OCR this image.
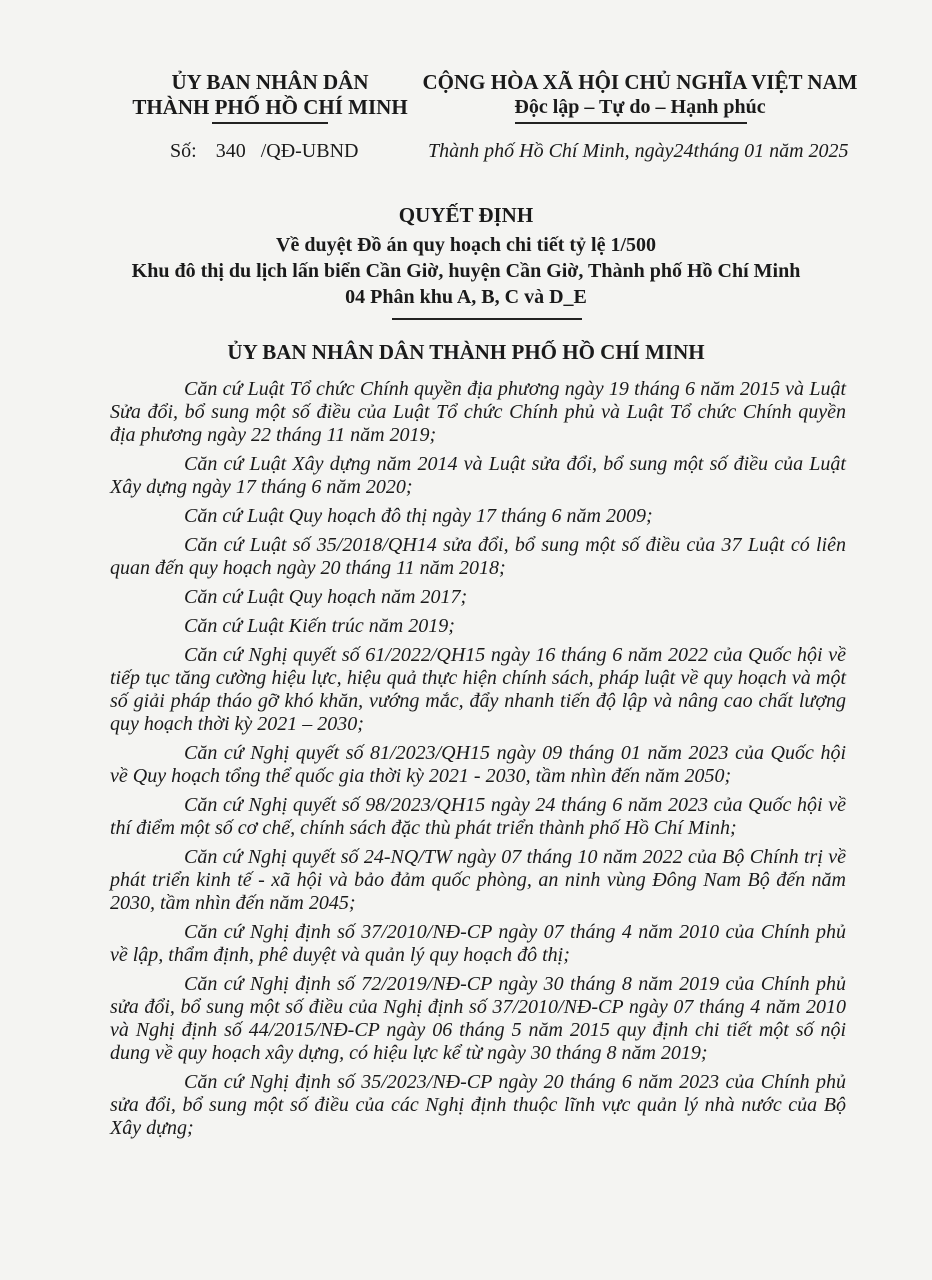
ỦY BAN NHÂN DÂN
THÀNH PHỐ HỒ CHÍ MINH
CỘNG HÒA XÃ HỘI CHỦ NGHĨA VIỆT NAM
Độc lập – Tự do – Hạnh phúc
Số: 340 /QĐ-UBND	Thành phố Hồ Chí Minh, ngày24tháng 01 năm 2025
QUYẾT ĐỊNH
Về duyệt Đồ án quy hoạch chi tiết tỷ lệ 1/500
Khu đô thị du lịch lấn biển Cần Giờ, huyện Cần Giờ, Thành phố Hồ Chí Minh
04 Phân khu A, B, C và D_E
ỦY BAN NHÂN DÂN THÀNH PHỐ HỒ CHÍ MINH

Căn cứ Luật Tổ chức Chính quyền địa phương ngày 19 tháng 6 năm 2015 và Luật Sửa đổi, bổ sung một số điều của Luật Tổ chức Chính phủ và Luật Tổ chức Chính quyền địa phương ngày 22 tháng 11 năm 2019;

Căn cứ Luật Xây dựng năm 2014 và Luật sửa đổi, bổ sung một số điều của Luật Xây dựng ngày 17 tháng 6 năm 2020;

Căn cứ Luật Quy hoạch đô thị ngày 17 tháng 6 năm 2009;

Căn cứ Luật số 35/2018/QH14 sửa đổi, bổ sung một số điều của 37 Luật có liên quan đến quy hoạch ngày 20 tháng 11 năm 2018;

Căn cứ Luật Quy hoạch năm 2017;

Căn cứ Luật Kiến trúc năm 2019;

Căn cứ Nghị quyết số 61/2022/QH15 ngày 16 tháng 6 năm 2022 của Quốc hội về tiếp tục tăng cường hiệu lực, hiệu quả thực hiện chính sách, pháp luật về quy hoạch và một số giải pháp tháo gỡ khó khăn, vướng mắc, đẩy nhanh tiến độ lập và nâng cao chất lượng quy hoạch thời kỳ 2021 – 2030;

Căn cứ Nghị quyết số 81/2023/QH15 ngày 09 tháng 01 năm 2023 của Quốc hội về Quy hoạch tổng thể quốc gia thời kỳ 2021 - 2030, tầm nhìn đến năm 2050;

Căn cứ Nghị quyết số 98/2023/QH15 ngày 24 tháng 6 năm 2023 của Quốc hội về thí điểm một số cơ chế, chính sách đặc thù phát triển thành phố Hồ Chí Minh;

Căn cứ Nghị quyết số 24-NQ/TW ngày 07 tháng 10 năm 2022 của Bộ Chính trị về phát triển kinh tế - xã hội và bảo đảm quốc phòng, an ninh vùng Đông Nam Bộ đến năm 2030, tầm nhìn đến năm 2045;

Căn cứ Nghị định số 37/2010/NĐ-CP ngày 07 tháng 4 năm 2010 của Chính phủ về lập, thẩm định, phê duyệt và quản lý quy hoạch đô thị;

Căn cứ Nghị định số 72/2019/NĐ-CP ngày 30 tháng 8 năm 2019 của Chính phủ sửa đổi, bổ sung một số điều của Nghị định số 37/2010/NĐ-CP ngày 07 tháng 4 năm 2010 và Nghị định số 44/2015/NĐ-CP ngày 06 tháng 5 năm 2015 quy định chi tiết một số nội dung về quy hoạch xây dựng, có hiệu lực kể từ ngày 30 tháng 8 năm 2019;

Căn cứ Nghị định số 35/2023/NĐ-CP ngày 20 tháng 6 năm 2023 của Chính phủ sửa đổi, bổ sung một số điều của các Nghị định thuộc lĩnh vực quản lý nhà nước của Bộ Xây dựng;
